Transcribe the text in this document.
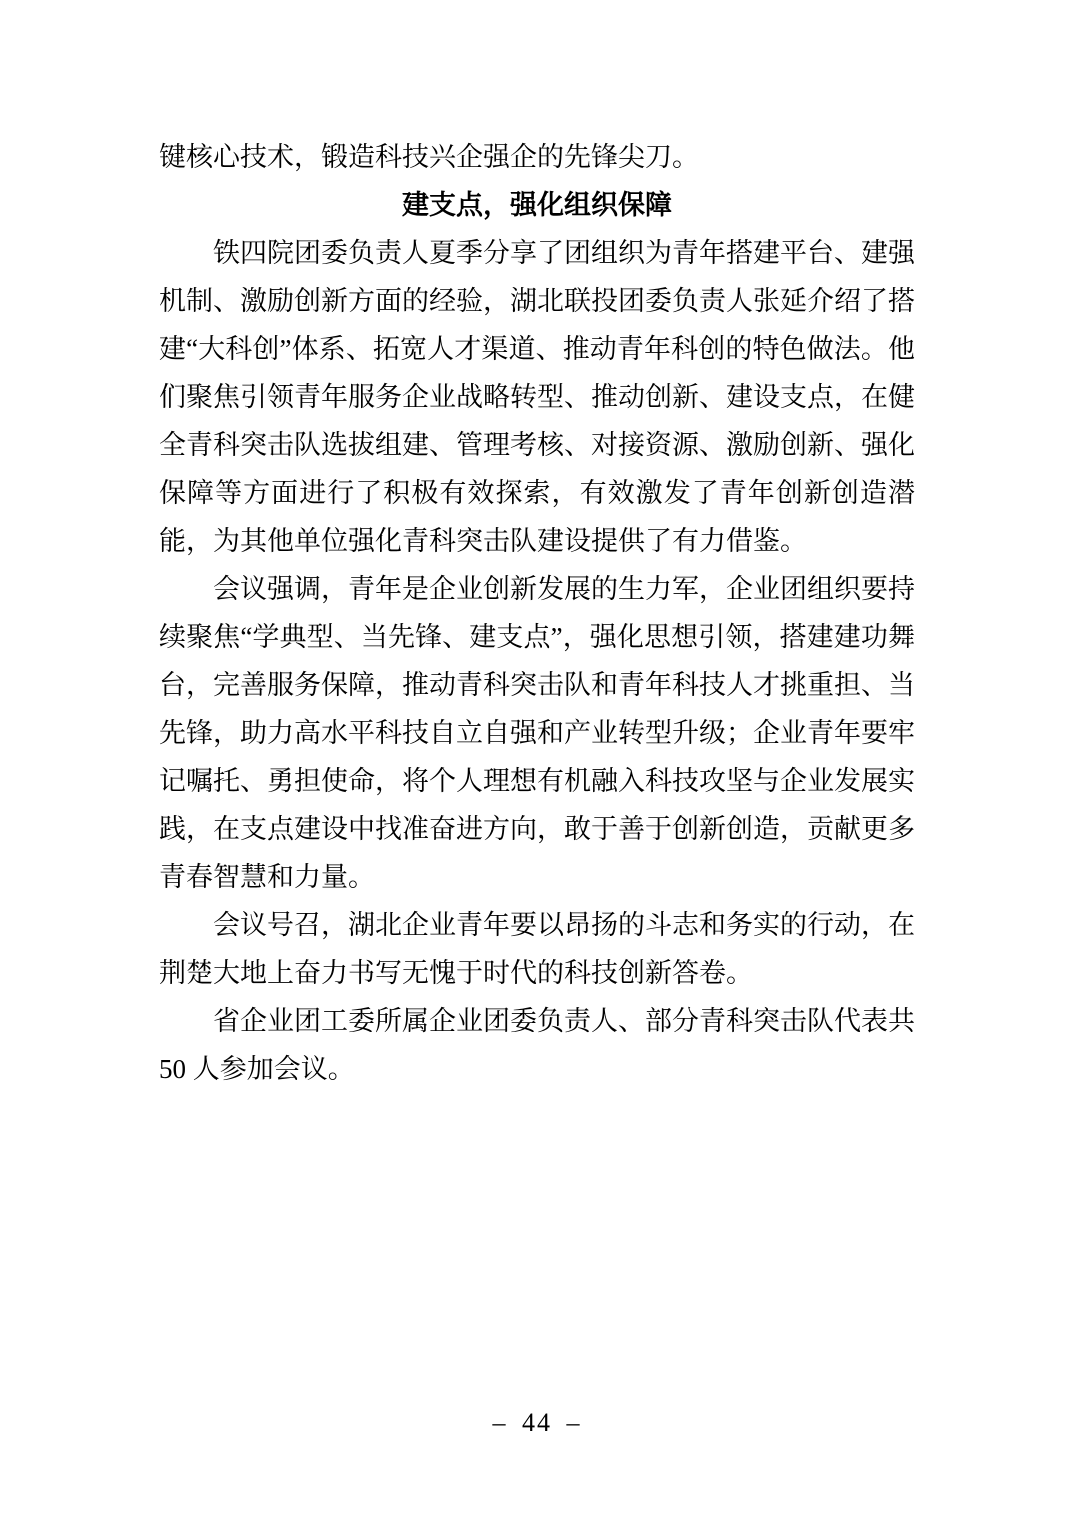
键核心技术，锻造科技兴企强企的先锋尖刀。

建支点，强化组织保障

铁四院团委负责人夏季分享了团组织为青年搭建平台、建强机制、激励创新方面的经验，湖北联投团委负责人张延介绍了搭建“大科创”体系、拓宽人才渠道、推动青年科创的特色做法。他们聚焦引领青年服务企业战略转型、推动创新、建设支点，在健全青科突击队选拔组建、管理考核、对接资源、激励创新、强化保障等方面进行了积极有效探索，有效激发了青年创新创造潜能，为其他单位强化青科突击队建设提供了有力借鉴。

会议强调，青年是企业创新发展的生力军，企业团组织要持续聚焦“学典型、当先锋、建支点”，强化思想引领，搭建建功舞台，完善服务保障，推动青科突击队和青年科技人才挑重担、当先锋，助力高水平科技自立自强和产业转型升级；企业青年要牢记嘱托、勇担使命，将个人理想有机融入科技攻坚与企业发展实践，在支点建设中找准奋进方向，敢于善于创新创造，贡献更多青春智慧和力量。

会议号召，湖北企业青年要以昂扬的斗志和务实的行动，在荆楚大地上奋力书写无愧于时代的科技创新答卷。

省企业团工委所属企业团委负责人、部分青科突击队代表共 50 人参加会议。

– 44 –
